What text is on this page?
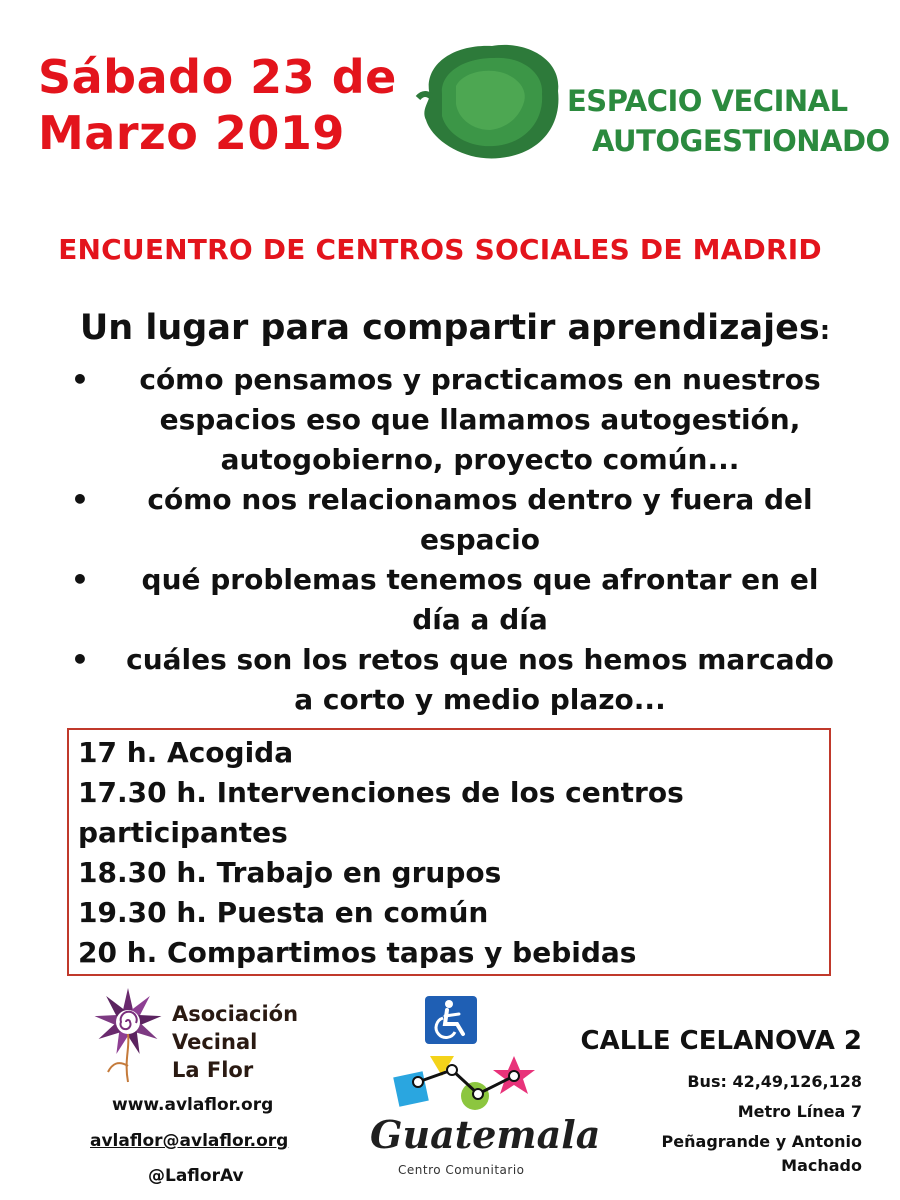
Sábado 23 de
Marzo 2019
ESPACIO VECINAL
AUTOGESTIONADO
ENCUENTRO DE CENTROS SOCIALES DE MADRID
Un lugar para compartir aprendizajes:
•	cómo pensamos y practicamos en nuestros
espacios eso que llamamos autogestión,
autogobierno, proyecto común...
•	cómo nos relacionamos dentro y fuera del
espacio
•	qué problemas tenemos que afrontar en el
día a día
•	cuáles son los retos que nos hemos marcado
a corto y medio plazo...
17 h. Acogida
17.30 h. Intervenciones de los centros
participantes
18.30 h. Trabajo en grupos
19.30 h. Puesta en común
20 h. Compartimos tapas y bebidas
Asociación
Vecinal
La Flor
www.avlaflor.org
avlaflor@avlaflor.org
@LaflorAv
Guatemala
Centro Comunitario
CALLE CELANOVA 2
Bus: 42,49,126,128
Metro Línea 7
Peñagrande y Antonio
Machado
